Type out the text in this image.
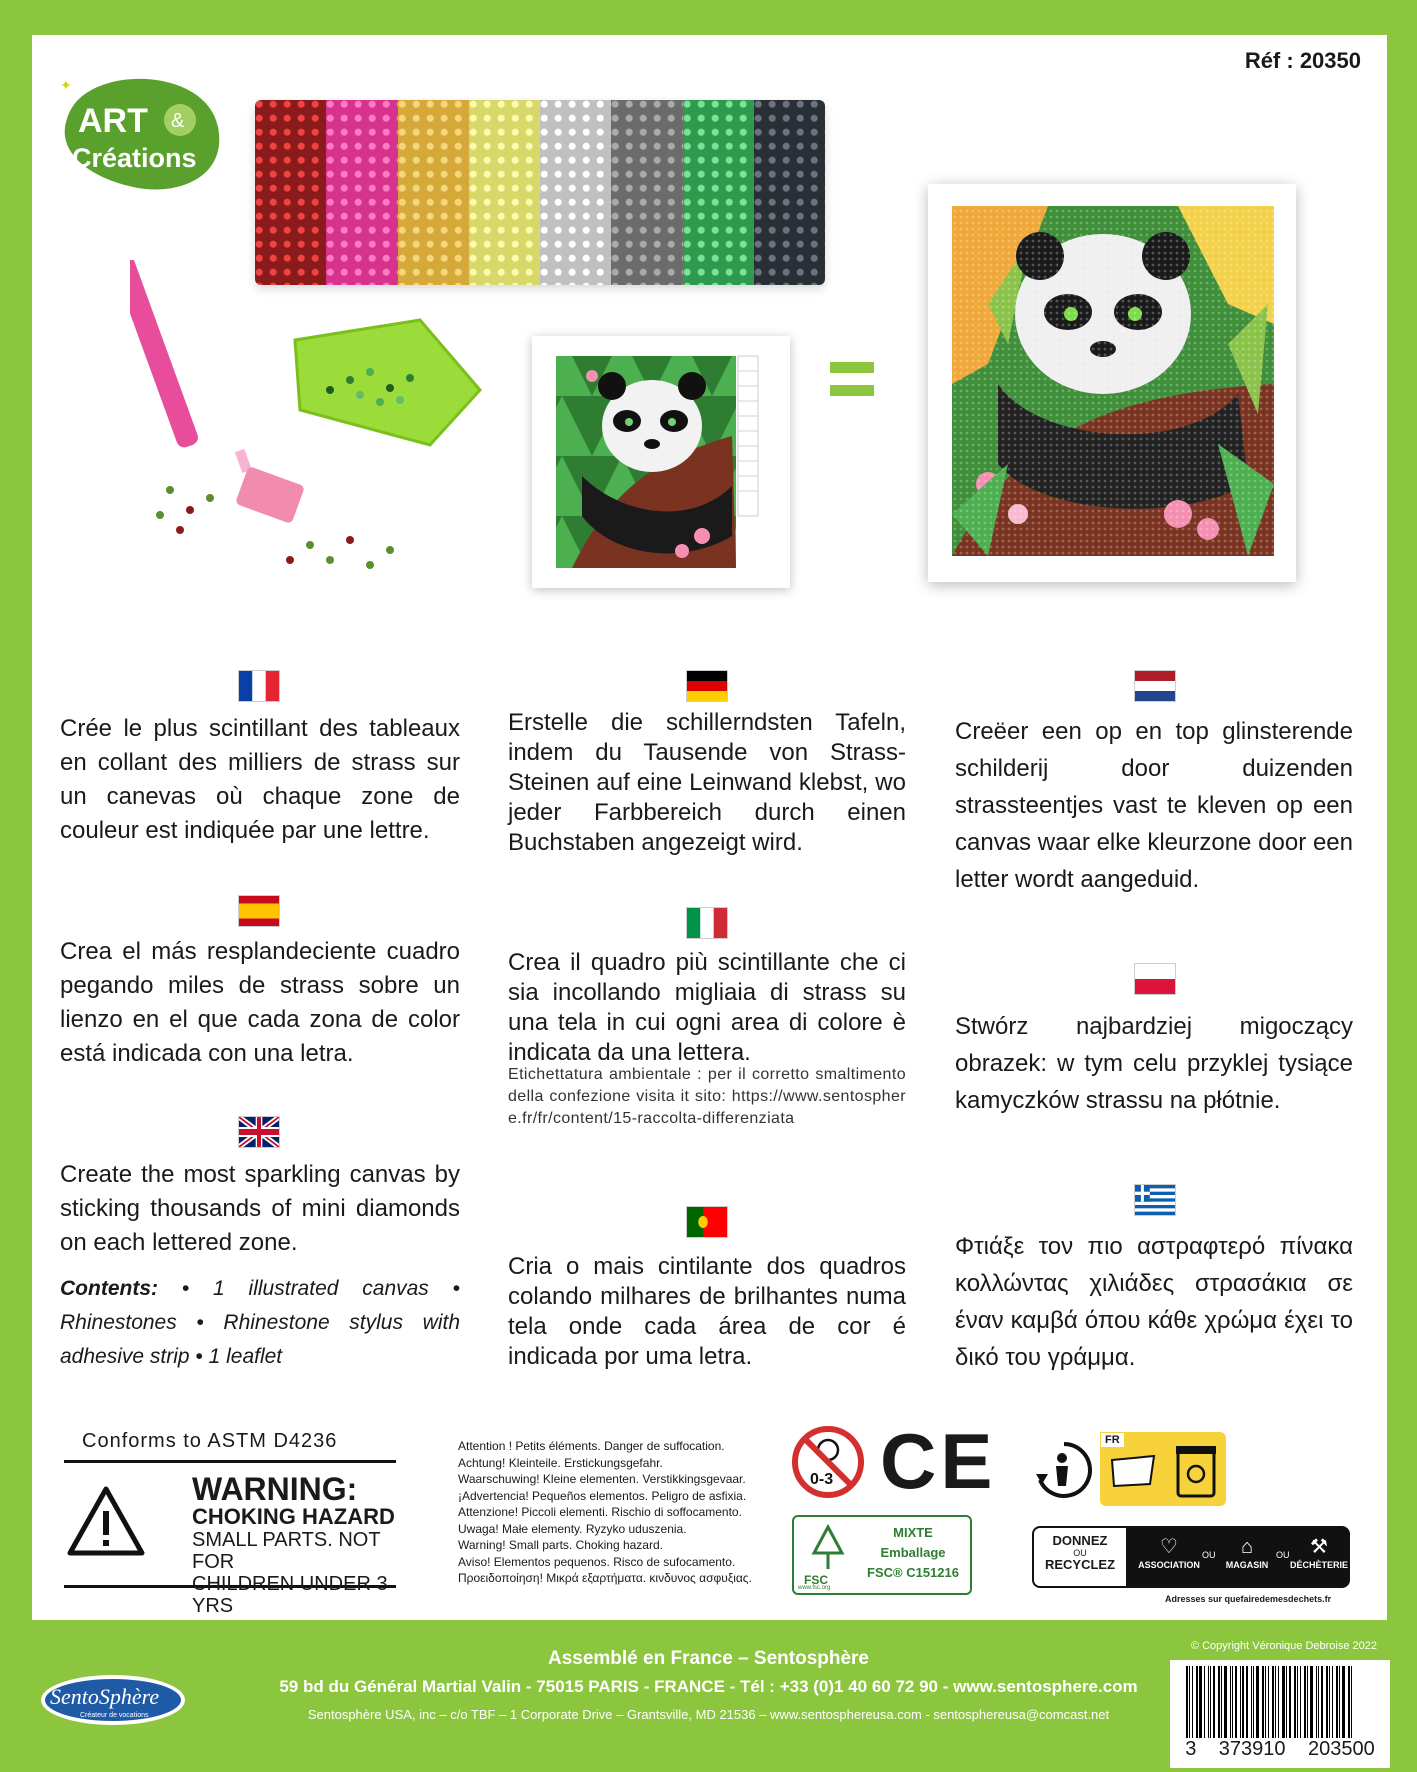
ART &
Créations
✦
Réf : 20350

Crée le plus scintillant des tableaux en collant des milliers de strass sur un canevas où chaque zone de couleur est indiquée par une lettre.

Crea el más resplandeciente cuadro pegando miles de strass sobre un lienzo en el que cada zona de color está indicada con una letra.

Create the most sparkling canvas by sticking thousands of mini diamonds on each lettered zone.

Contents: • 1 illustrated canvas • Rhinestones • Rhinestone stylus with adhesive strip • 1 leaflet

Erstelle die schillerndsten Tafeln, indem du Tausende von Strass-Steinen auf eine Leinwand klebst, wo jeder Farbbereich durch einen Buchstaben angezeigt wird.

Crea il quadro più scintillante che ci sia incollando migliaia di strass su una tela in cui ogni area di colore è indicata da una lettera.

Etichettatura ambientale : per il corretto smaltimento della confezione visita it sito: https://www.sentosphere.fr/fr/content/15-raccolta-differenziata

Cria o mais cintilante dos quadros colando milhares de brilhantes numa tela onde cada área de cor é indicada por uma letra.

Creëer een op en top glinsterende schilderij door duizenden strassteentjes vast te kleven op een canvas waar elke kleurzone door een letter wordt aangeduid.

Stwórz najbardziej migoczący obrazek: w tym celu przyklej tysiące kamyczków strassu na płótnie.

Φτιάξε τον πιο αστραφτερό πίνακα κολλώντας χιλιάδες στρασάκια σε έναν καμβά όπου κάθε χρώμα έχει το δικό του γράμμα.

Conforms to ASTM D4236
WARNING:
CHOKING HAZARD
SMALL PARTS. NOT FOR
CHILDREN UNDER 3 YRS
Attention ! Petits éléments. Danger de suffocation.
Achtung! Kleinteile. Erstickungsgefahr.
Waarschuwing! Kleine elementen. Verstikkingsgevaar.
¡Advertencia! Pequeños elementos. Peligro de asfixia.
Attenzione! Piccoli elementi. Rischio di soffocamento.
Uwaga! Małe elementy. Ryzyko uduszenia.
Warning! Small parts. Choking hazard.
Aviso! Elementos pequenos. Risco de sufocamento.
Προειδοποίηση! Μικρά εξαρτήματα. κινδυνος ασφυξιας.
0-3 CE
FSC
www.fsc.org
MIXTE
Emballage
FSC® C151216
FR
DONNEZ
OU
RECYCLEZ
♡
ASSOCIATION
OU	⌂
MAGASIN
OU	⚒
DÉCHÈTERIE
Adresses sur quefairedemesdechets.fr
© Copyright Véronique Debroise 2022
SentoSphère
Créateur de vocations
Assemblé en France – Sentosphère
59 bd du Général Martial Valin - 75015 PARIS - FRANCE - Tél : +33 (0)1 40 60 72 90 - www.sentosphere.com
Sentosphère USA, inc – c/o TBF – 1 Corporate Drive – Grantsville, MD 21536 – www.sentosphereusa.com - sentosphereusa@comcast.net
3 373910 203500
